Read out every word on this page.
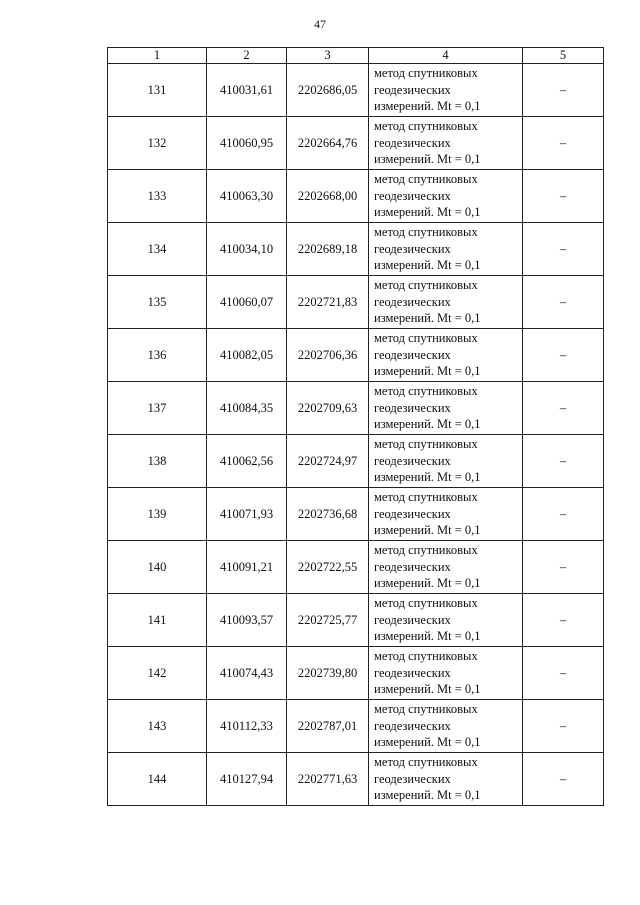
47
1	2	3	4	5
131	410031,61	2202686,05	метод спутниковых
геодезических
измерений. Mt = 0,1	–
132	410060,95	2202664,76	метод спутниковых
геодезических
измерений. Mt = 0,1	–
133	410063,30	2202668,00	метод спутниковых
геодезических
измерений. Mt = 0,1	–
134	410034,10	2202689,18	метод спутниковых
геодезических
измерений. Mt = 0,1	–
135	410060,07	2202721,83	метод спутниковых
геодезических
измерений. Mt = 0,1	–
136	410082,05	2202706,36	метод спутниковых
геодезических
измерений. Mt = 0,1	–
137	410084,35	2202709,63	метод спутниковых
геодезических
измерений. Mt = 0,1	–
138	410062,56	2202724,97	метод спутниковых
геодезических
измерений. Mt = 0,1	–
139	410071,93	2202736,68	метод спутниковых
геодезических
измерений. Mt = 0,1	–
140	410091,21	2202722,55	метод спутниковых
геодезических
измерений. Mt = 0,1	–
141	410093,57	2202725,77	метод спутниковых
геодезических
измерений. Mt = 0,1	–
142	410074,43	2202739,80	метод спутниковых
геодезических
измерений. Mt = 0,1	–
143	410112,33	2202787,01	метод спутниковых
геодезических
измерений. Mt = 0,1	–
144	410127,94	2202771,63	метод спутниковых
геодезических
измерений. Mt = 0,1	–
